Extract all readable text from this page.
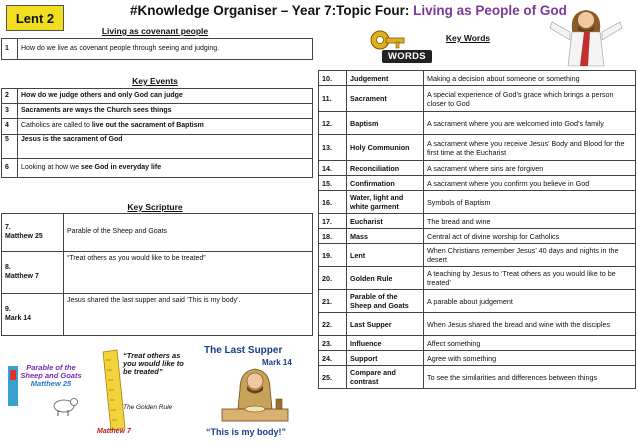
Lent 2	#Knowledge Organiser – Year 7:Topic Four: Living as People of God
Living as covenant people
1	How do we live as covenant people through seeing and judging.
Key Events
2	How do we judge others and only God can judge
3	Sacraments are ways the Church sees things
4	Catholics are called to live out the sacrament of Baptism
5	Jesus is the sacrament of God
6	Looking at how we see God in everyday life
Key Scripture
7.
Matthew 25	Parable of the Sheep and Goats
8.
Matthew 7	“Treat others as you would like to be treated”
9.
Mark 14	Jesus shared the last supper and said ‘This is my body’.
Parable of the
Sheep and Goats
Matthew 25
“Treat others as you would like to be treated”
The Golden Rule
Matthew 7
The Last Supper
Mark 14
“This is my body!”
WORDS
Key Words
10.	Judgement	Making a decision about someone or something
11.	Sacrament	A special experience of God’s grace which brings a person closer to God
12.	Baptism	A sacrament where you are welcomed into God’s family
13.	Holy Communion	A sacrament where you receive Jesus’ Body and Blood for the first time at the Eucharist
14.	Reconciliation	A sacrament where sins are forgiven
15.	Confirmation	A sacrament where you confirm you believe in God
16.	Water, light and white garment	Symbols of Baptism
17.	Eucharist	The bread and wine
18.	Mass	Central act of divine worship for Catholics
19.	Lent	When Christians remember Jesus’ 40 days and nights in the desert
20.	Golden Rule	A teaching by Jesus to ‘Treat others as you would like to be treated’
21.	Parable of the Sheep and Goats	A parable about judgement
22.	Last Supper	When Jesus shared the bread and wine with the disciples
23.	Influence	Affect something
24.	Support	Agree with something
25.	Compare and contrast	To see the similarities and differences between things
